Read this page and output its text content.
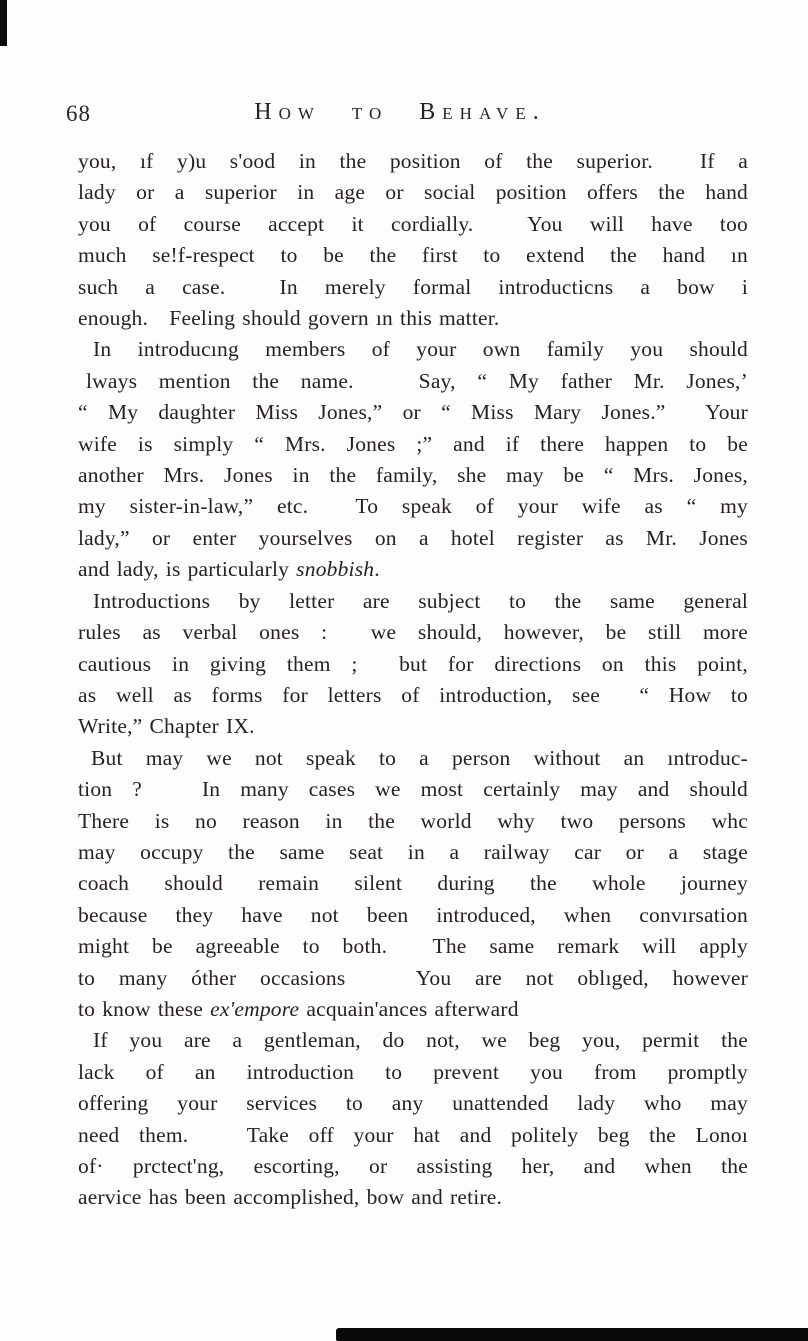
68	How to Behave.
you, ıf y)u s'ood in the position of the superior.  If a
lady or a superior in age or social position offers the hand
you of course accept it cordially.  You will have too
much se!f-respect to be the first to extend the hand ın
such a case.  In merely formal introducticns a bow i
enough.   Feeling should govern ın this matter.
In introducıng members of your own family you should
lways mention the name.   Say, “ My father Mr. Jones,’
“ My daughter Miss Jones,” or “ Miss Mary Jones.”  Your
wife is simply “ Mrs. Jones ;” and if there happen to be
another Mrs. Jones in the family, she may be “ Mrs. Jones,
my sister-in-law,” etc.  To speak of your wife as “ my
lady,” or enter yourselves on a hotel register as Mr. Jones
and lady, is particularly snobbish.
Introductions by letter are subject to the same general
rules as verbal ones :  we should, however, be still more
cautious in giving them ;  but for directions on this point,
as well as forms for letters of introduction, see  “ How to
Write,” Chapter IX.
But may we not speak to a person without an ıntroduc-
tion ?   In many cases we most certainly may and should
There is no reason in the world why two persons whc
may occupy the same seat in a railway car or a stage
coach should remain silent during the whole journey
because they have not been introduced, when convırsation
might be agreeable to both.  The same remark will apply
to many óther occasions   You are not oblıged, however
to know these ex'empore acquain'ances afterward
If you are a gentleman, do not, we beg you, permit the
lack of an introduction to prevent you from promptly
offering your services to any unattended lady who may
need them.   Take off your hat and politely beg the Lonoı
of· prctect'ng, escorting, or assisting her, and when the
aervice has been accomplished, bow and retire.
